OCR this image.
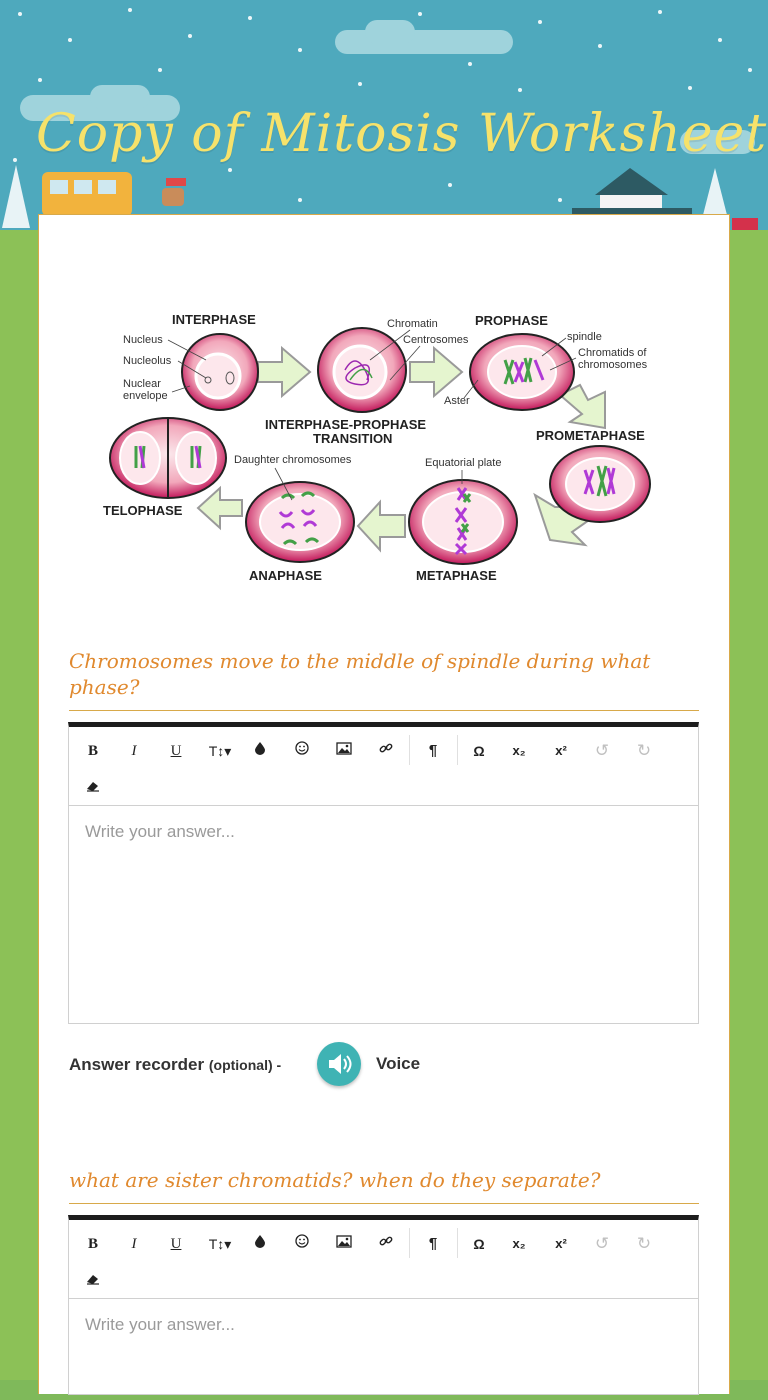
Copy of Mitosis Worksheet
INTERPHASE
INTERPHASE-PROPHASE
TRANSITION
PROPHASE
PROMETAPHASE
METAPHASE
ANAPHASE
TELOPHASE
Nucleus
Nucleolus
Nuclear
envelope
Chromatin
Centrosomes
Aster
spindle
Chromatids of
chromosomes
Daughter chromosomes	Equatorial plate
Chromosomes move to the middle of spindle during what phase?
B	I	U	T↕▾	¶	Ω	x₂	x²	↺	↻
Write your answer...
Answer recorder (optional) -	Voice
what are sister chromatids? when do they separate?
B	I	U	T↕▾	¶	Ω	x₂	x²	↺	↻
Write your answer...
